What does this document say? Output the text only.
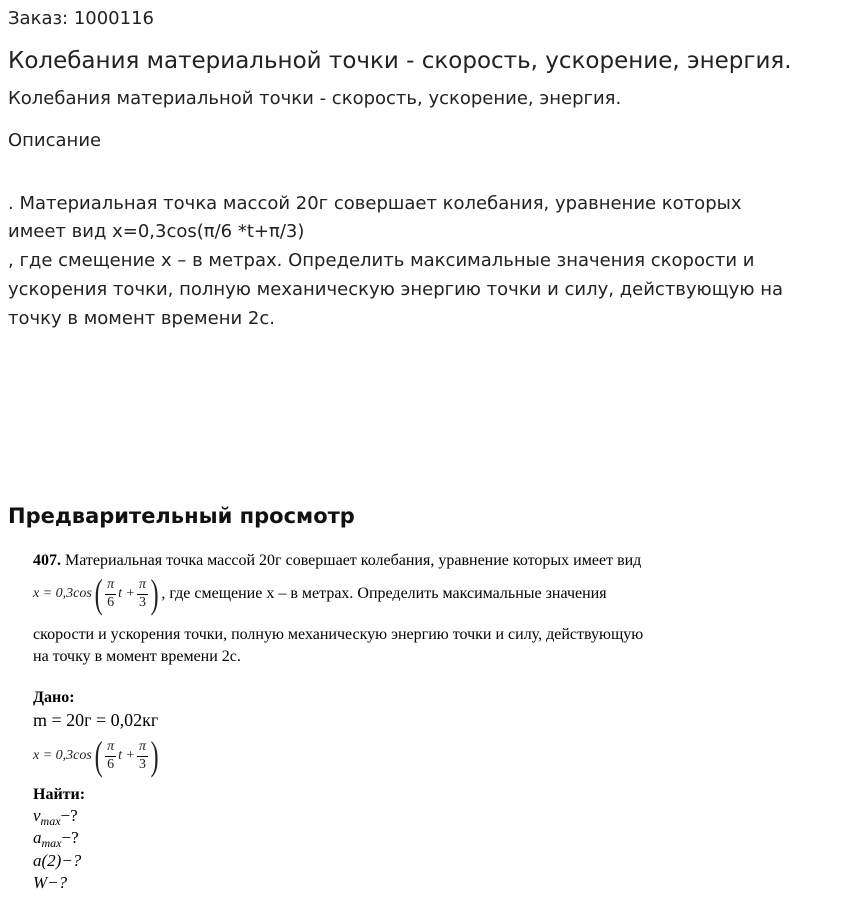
Заказ: 1000116
Колебания материальной точки - скорость, ускорение, энергия.
Колебания материальной точки - скорость, ускорение, энергия.
Описание
. Материальная точка массой 20г совершает колебания, уравнение которых
имеет вид x=0,3cos(π/6 *t+π/3)
, где смещение x – в метрах. Определить максимальные значения скорости и
ускорения точки, полную механическую энергию точки и силу, действующую на
точку в момент времени 2с.
Предварительный просмотр
407. Материальная точка массой 20г совершает колебания, уравнение которых имеет вид
x = 0,3cos ( $\frac{\pi}{6}$ $t + \frac{\pi}{3}$ ) , где смещение x – в метрах. Определить максимальные значения
скорости и ускорения точки, полную механическую энергию точки и силу, действующую
на точку в момент времени 2с.
Дано:
m = 20г = 0,02кг
x = 0,3cos ( $\frac{\pi}{6}$ $t + \frac{\pi}{3}$ )
Найти:
$v_{max}-$?
$a_{max}-$?
a(2)−?
W−?
